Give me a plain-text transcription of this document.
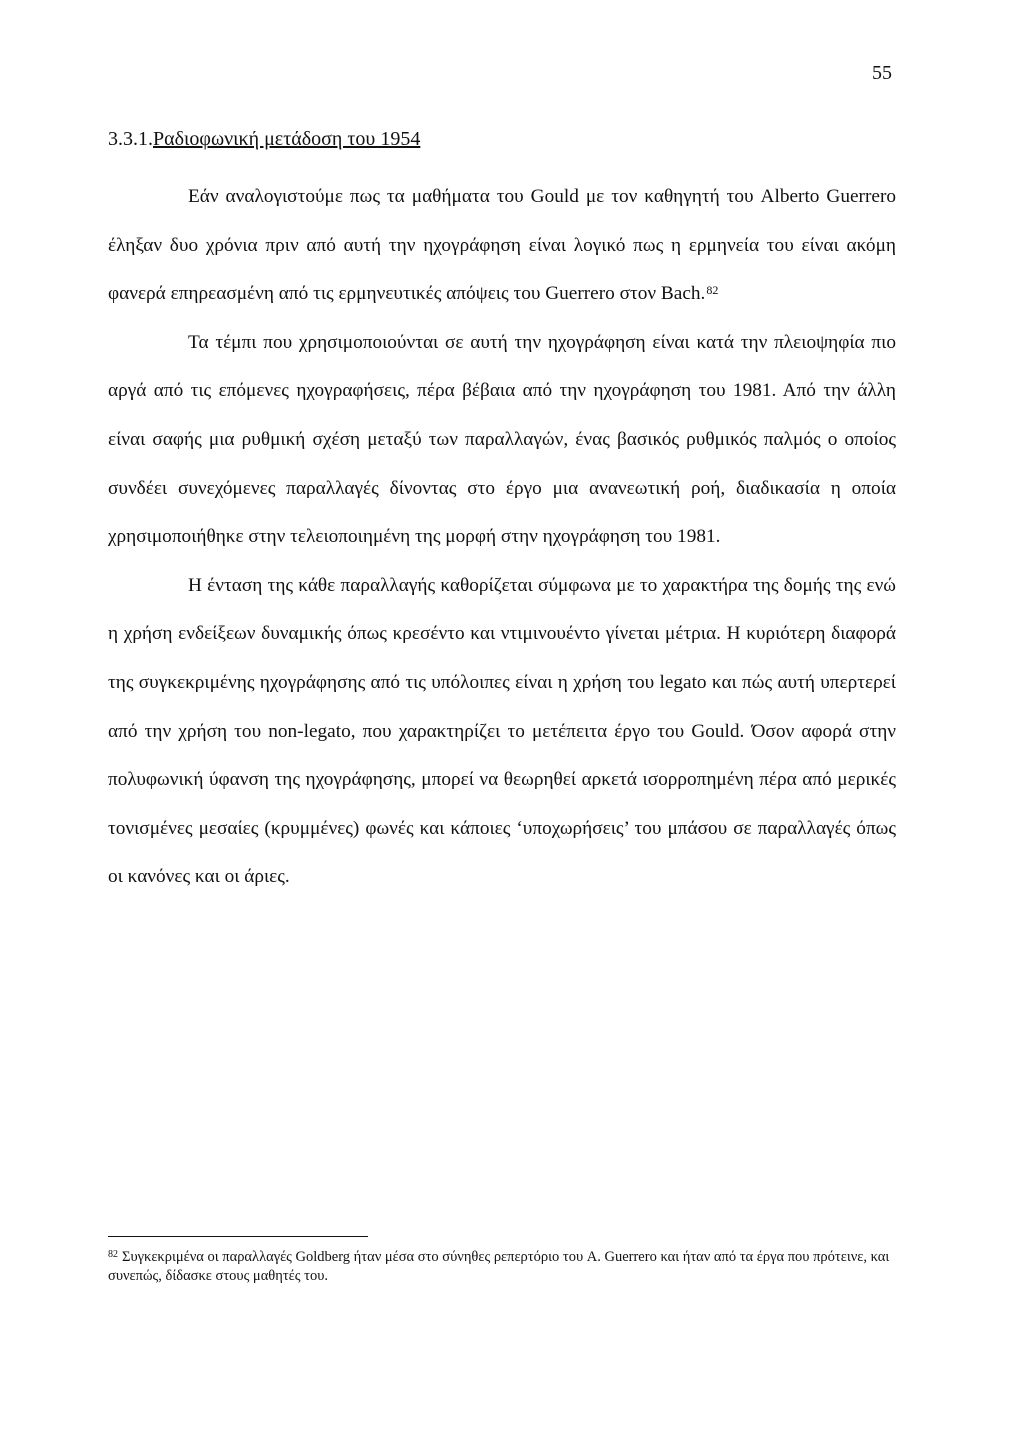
55
3.3.1.Ραδιοφωνική μετάδοση του 1954

Εάν αναλογιστούμε πως τα μαθήματα του Gould με τον καθηγητή του Alberto Guerrero έληξαν δυο χρόνια πριν από αυτή την ηχογράφηση είναι λογικό πως η ερμηνεία του είναι ακόμη φανερά επηρεασμένη από τις ερμηνευτικές απόψεις του Guerrero στον Bach.$^{82}$

Τα τέμπι που χρησιμοποιούνται σε αυτή την ηχογράφηση είναι κατά την πλειοψηφία πιο αργά από τις επόμενες ηχογραφήσεις, πέρα βέβαια από την ηχογράφηση του 1981. Από την άλλη είναι σαφής μια ρυθμική σχέση μεταξύ των παραλλαγών, ένας βασικός ρυθμικός παλμός ο οποίος συνδέει συνεχόμενες παραλλαγές δίνοντας στο έργο μια ανανεωτική ροή, διαδικασία η οποία χρησιμοποιήθηκε στην τελειοποιημένη της μορφή στην ηχογράφηση του 1981.

Η ένταση της κάθε παραλλαγής καθορίζεται σύμφωνα με το χαρακτήρα της δομής της ενώ η χρήση ενδείξεων δυναμικής όπως κρεσέντο και ντιμινουέντο γίνεται μέτρια. Η κυριότερη διαφορά της συγκεκριμένης ηχογράφησης από τις υπόλοιπες είναι η χρήση του legato και πώς αυτή υπερτερεί από την χρήση του non-legato, που χαρακτηρίζει το μετέπειτα έργο του Gould. Όσον αφορά στην πολυφωνική ύφανση της ηχογράφησης, μπορεί να θεωρηθεί αρκετά ισορροπημένη πέρα από μερικές τονισμένες μεσαίες (κρυμμένες) φωνές και κάποιες ‘υποχωρήσεις’ του μπάσου σε παραλλαγές όπως οι κανόνες και οι άριες.

$^{82}$ Συγκεκριμένα οι παραλλαγές Goldberg ήταν μέσα στο σύνηθες ρεπερτόριο του A. Guerrero και ήταν από τα έργα που πρότεινε, και συνεπώς, δίδασκε στους μαθητές του.
